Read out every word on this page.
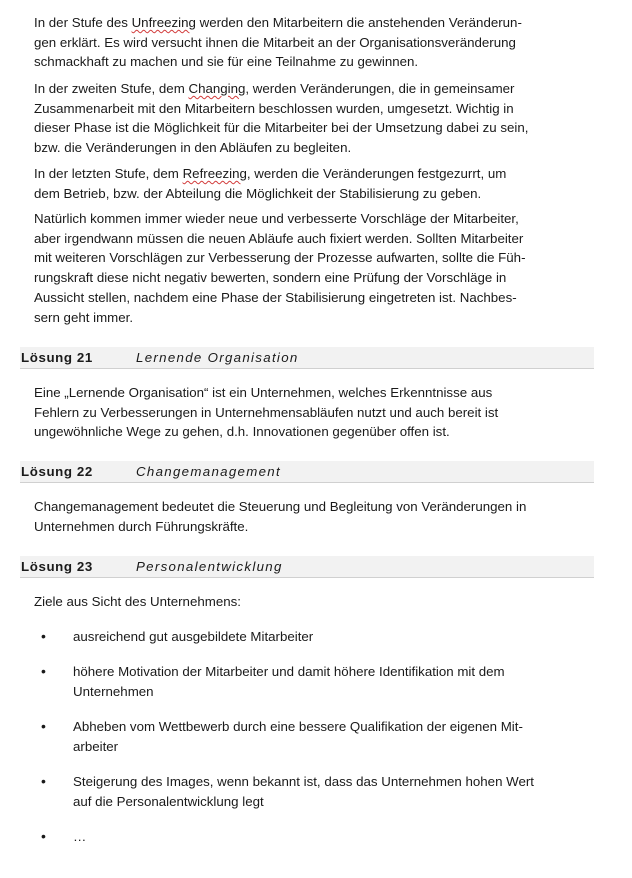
In der Stufe des Unfreezing werden den Mitarbeitern die anstehenden Veränderun-
gen erklärt. Es wird versucht ihnen die Mitarbeit an der Organisationsveränderung
schmackhaft zu machen und sie für eine Teilnahme zu gewinnen.

In der zweiten Stufe, dem Changing, werden Veränderungen, die in gemeinsamer
Zusammenarbeit mit den Mitarbeitern beschlossen wurden, umgesetzt. Wichtig in
dieser Phase ist die Möglichkeit für die Mitarbeiter bei der Umsetzung dabei zu sein,
bzw. die Veränderungen in den Abläufen zu begleiten.

In der letzten Stufe, dem Refreezing, werden die Veränderungen festgezurrt, um
dem Betrieb, bzw. der Abteilung die Möglichkeit der Stabilisierung zu geben.

Natürlich kommen immer wieder neue und verbesserte Vorschläge der Mitarbeiter,
aber irgendwann müssen die neuen Abläufe auch fixiert werden. Sollten Mitarbeiter
mit weiteren Vorschlägen zur Verbesserung der Prozesse aufwarten, sollte die Füh-
rungskraft diese nicht negativ bewerten, sondern eine Prüfung der Vorschläge in
Aussicht stellen, nachdem eine Phase der Stabilisierung eingetreten ist. Nachbes-
sern geht immer.

Lösung 21	Lernende Organisation

Eine „Lernende Organisation“ ist ein Unternehmen, welches Erkenntnisse aus
Fehlern zu Verbesserungen in Unternehmensabläufen nutzt und auch bereit ist
ungewöhnliche Wege zu gehen, d.h. Innovationen gegenüber offen ist.

Lösung 22	Changemanagement

Changemanagement bedeutet die Steuerung und Begleitung von Veränderungen in
Unternehmen durch Führungskräfte.

Lösung 23	Personalentwicklung

Ziele aus Sicht des Unternehmens:

• ausreichend gut ausgebildete Mitarbeiter
• höhere Motivation der Mitarbeiter und damit höhere Identifikation mit dem
Unternehmen
• Abheben vom Wettbewerb durch eine bessere Qualifikation der eigenen Mit-
arbeiter
• Steigerung des Images, wenn bekannt ist, dass das Unternehmen hohen Wert
auf die Personalentwicklung legt
• …
